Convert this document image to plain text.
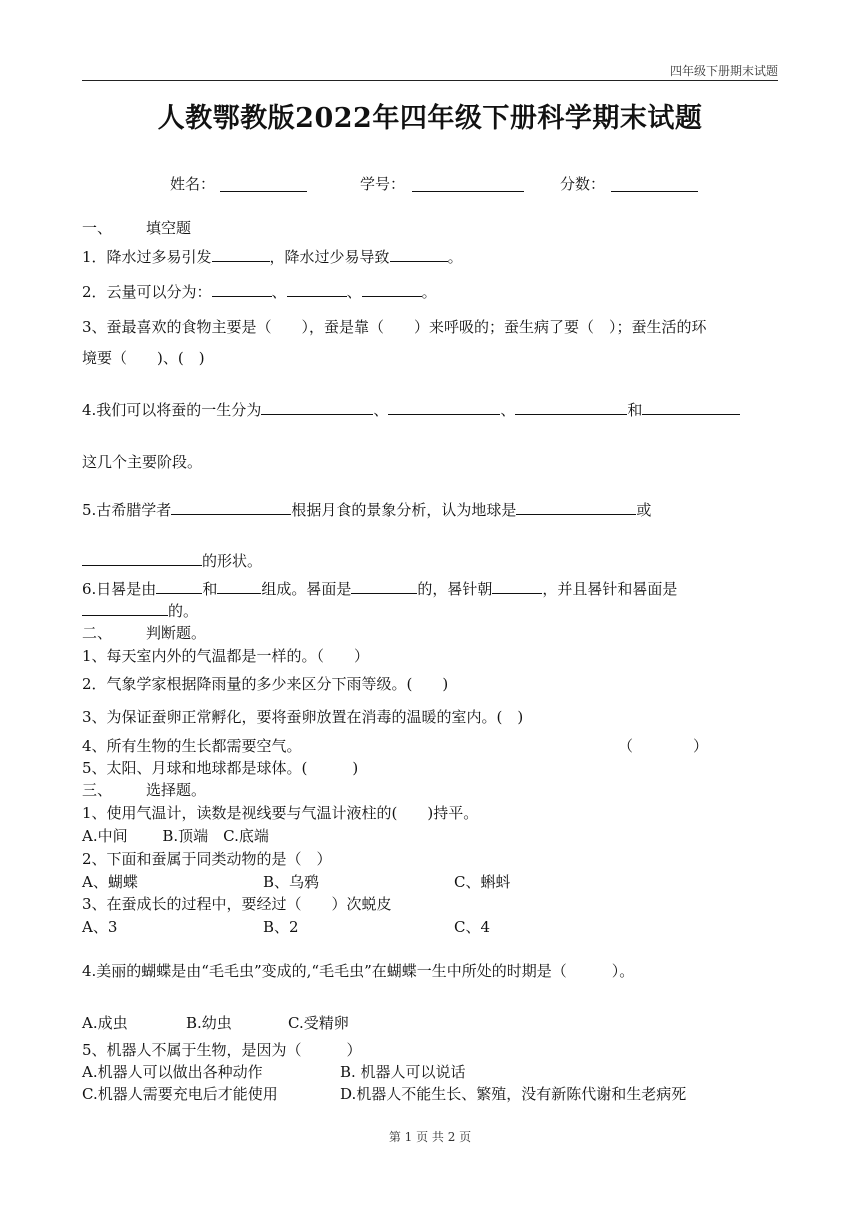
四年级下册期末试题
人教鄂教版2022年四年级下册科学期末试题
姓名：	学号：	分数：
一、 填空题
1．降水过多易引发	，降水过少易导致	。
2．云量可以分为：	、	、	。
3、蚕最喜欢的食物主要是（　　），蚕是靠（　　）来呼吸的；蚕生病了要（　）；蚕生活的环
境要（　　)、(　)
4.我们可以将蚕的一生分为	、	、	和
这几个主要阶段。
5.古希腊学者	根据月食的景象分析，认为地球是	或
的形状。
6.日晷是由	和	组成。晷面是	的，晷针朝	，并且晷针和晷面是
的。
二、 判断题。
1、每天室内外的气温都是一样的。（　　）
2．气象学家根据降雨量的多少来区分下雨等级。(　　)
3、为保证蚕卵正常孵化，要将蚕卵放置在消毒的温暖的室内。(　)
4、所有生物的生长都需要空气。	（　　　　）
5、太阳、月球和地球都是球体。(　　　)
三、 选择题。
1、使用气温计，读数是视线要与气温计液柱的(　　)持平。
A.中间　　 B.顶端　C.底端
2、下面和蚕属于同类动物的是（　）
A、蝴蝶	B、乌鸦	C、蝌蚪
3、在蚕成长的过程中，要经过（　　）次蜕皮
A、3	B、2	C、4
4.美丽的蝴蝶是由“毛毛虫”变成的,“毛毛虫”在蝴蝶一生中所处的时期是（　　　）。
A.成虫	B.幼虫	C.受精卵
5、机器人不属于生物，是因为（　　　）
A.机器人可以做出各种动作	B. 机器人可以说话
C.机器人需要充电后才能使用	D.机器人不能生长、繁殖，没有新陈代谢和生老病死
第 1 页 共 2 页
